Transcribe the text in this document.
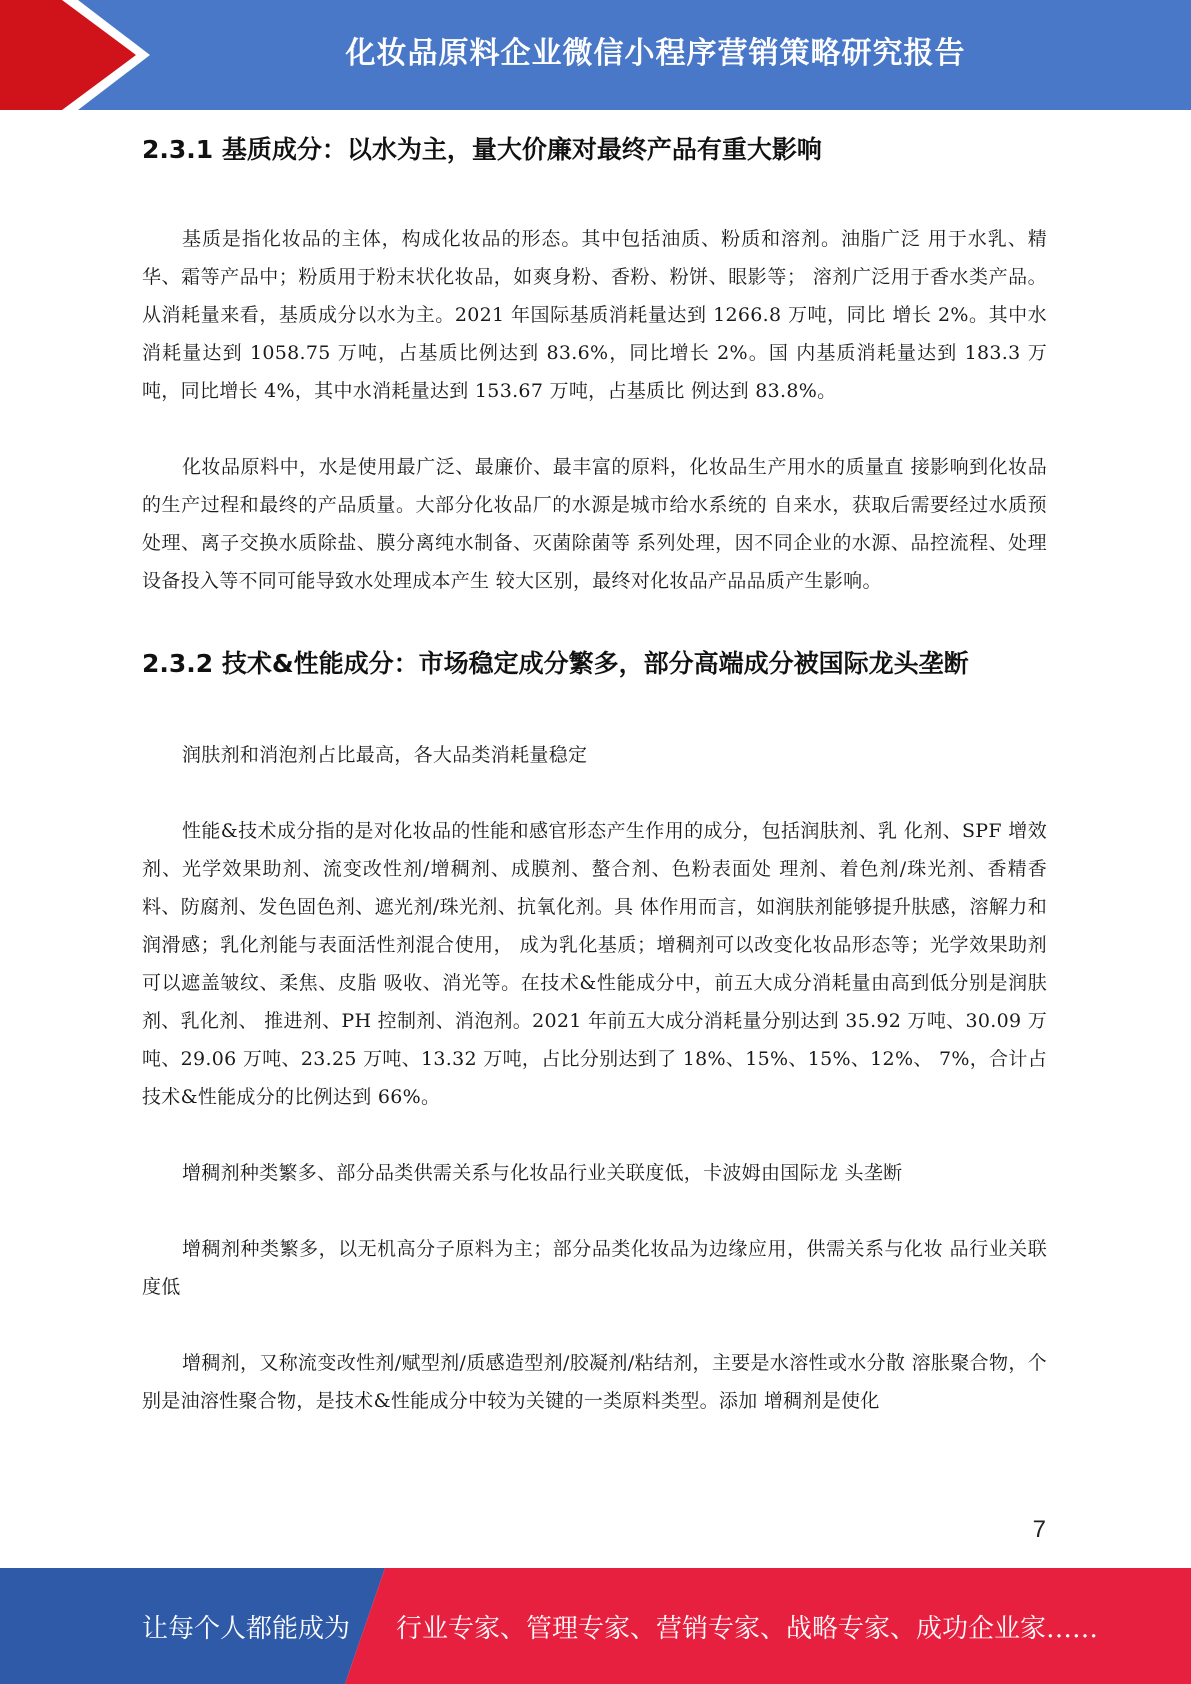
化妆品原料企业微信小程序营销策略研究报告
2.3.1 基质成分：以水为主，量大价廉对最终产品有重大影响

基质是指化妆品的主体，构成化妆品的形态。其中包括油质、粉质和溶剂。油脂广泛 用于水乳、精华、霜等产品中；粉质用于粉末状化妆品，如爽身粉、香粉、粉饼、眼影等； 溶剂广泛用于香水类产品。 从消耗量来看，基质成分以水为主。2021 年国际基质消耗量达到 1266.8 万吨，同比 增长 2%。其中水消耗量达到 1058.75 万吨，占基质比例达到 83.6%，同比增长 2%。国 内基质消耗量达到 183.3 万吨，同比增长 4%，其中水消耗量达到 153.67 万吨，占基质比 例达到 83.8%。

化妆品原料中，水是使用最广泛、最廉价、最丰富的原料，化妆品生产用水的质量直 接影响到化妆品的生产过程和最终的产品质量。大部分化妆品厂的水源是城市给水系统的 自来水，获取后需要经过水质预处理、离子交换水质除盐、膜分离纯水制备、灭菌除菌等 系列处理，因不同企业的水源、品控流程、处理设备投入等不同可能导致水处理成本产生 较大区别，最终对化妆品产品品质产生影响。

2.3.2 技术&性能成分：市场稳定成分繁多，部分高端成分被国际龙头垄断

润肤剂和消泡剂占比最高，各大品类消耗量稳定

性能&技术成分指的是对化妆品的性能和感官形态产生作用的成分，包括润肤剂、乳 化剂、SPF 增效剂、光学效果助剂、流变改性剂/增稠剂、成膜剂、螯合剂、色粉表面处 理剂、着色剂/珠光剂、香精香料、防腐剂、发色固色剂、遮光剂/珠光剂、抗氧化剂。具 体作用而言，如润肤剂能够提升肤感，溶解力和润滑感；乳化剂能与表面活性剂混合使用， 成为乳化基质；增稠剂可以改变化妆品形态等；光学效果助剂可以遮盖皱纹、柔焦、皮脂 吸收、消光等。在技术&性能成分中，前五大成分消耗量由高到低分别是润肤剂、乳化剂、 推进剂、PH 控制剂、消泡剂。2021 年前五大成分消耗量分别达到 35.92 万吨、30.09 万 吨、29.06 万吨、23.25 万吨、13.32 万吨，占比分别达到了 18%、15%、15%、12%、 7%，合计占技术&性能成分的比例达到 66%。

增稠剂种类繁多、部分品类供需关系与化妆品行业关联度低，卡波姆由国际龙 头垄断

增稠剂种类繁多，以无机高分子原料为主；部分品类化妆品为边缘应用，供需关系与化妆 品行业关联度低

增稠剂，又称流变改性剂/赋型剂/质感造型剂/胶凝剂/粘结剂，主要是水溶性或水分散 溶胀聚合物，个别是油溶性聚合物，是技术&性能成分中较为关键的一类原料类型。添加 增稠剂是使化

7
让每个人都能成为 行业专家、管理专家、营销专家、战略专家、成功企业家……
